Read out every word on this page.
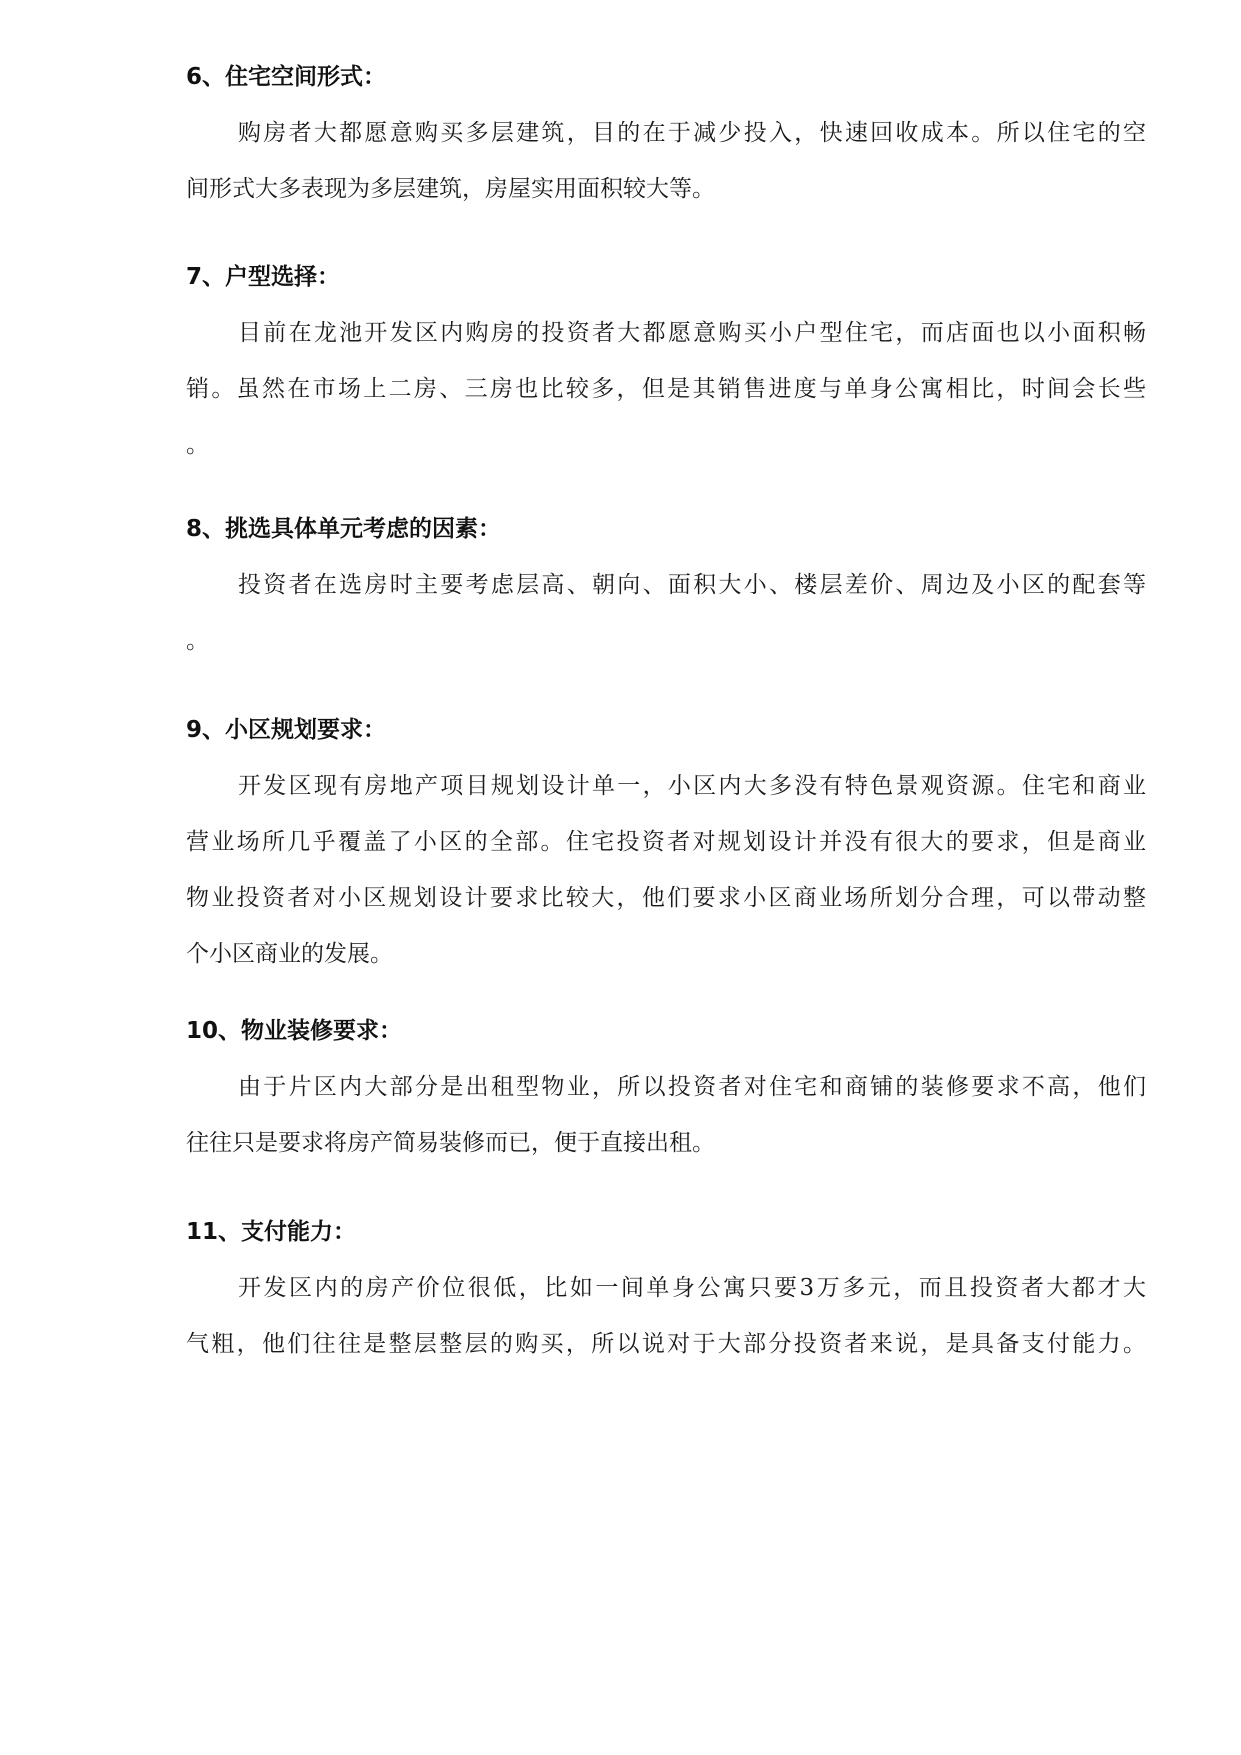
6、住宅空间形式：
购房者大都愿意购买多层建筑，目的在于减少投入，快速回收成本。所以住宅的空
间形式大多表现为多层建筑，房屋实用面积较大等。
7、户型选择：
目前在龙池开发区内购房的投资者大都愿意购买小户型住宅，而店面也以小面积畅
销。虽然在市场上二房、三房也比较多，但是其销售进度与单身公寓相比，时间会长些
。
8、挑选具体单元考虑的因素：
投资者在选房时主要考虑层高、朝向、面积大小、楼层差价、周边及小区的配套等
。
9、小区规划要求：
开发区现有房地产项目规划设计单一，小区内大多没有特色景观资源。住宅和商业
营业场所几乎覆盖了小区的全部。住宅投资者对规划设计并没有很大的要求，但是商业
物业投资者对小区规划设计要求比较大，他们要求小区商业场所划分合理，可以带动整
个小区商业的发展。
10、物业装修要求：
由于片区内大部分是出租型物业，所以投资者对住宅和商铺的装修要求不高，他们
往往只是要求将房产简易装修而已，便于直接出租。
11、支付能力：
开发区内的房产价位很低，比如一间单身公寓只要3万多元，而且投资者大都才大
气粗，他们往往是整层整层的购买，所以说对于大部分投资者来说，是具备支付能力。
